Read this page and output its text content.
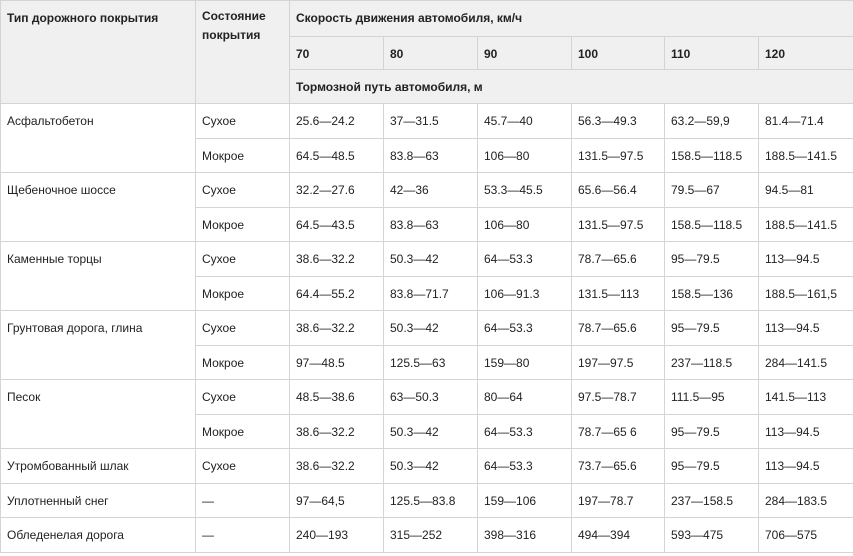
Тип дорожного покрытия	Состояние покрытия	Скорость движения автомобиля, км/ч					
		70	80	90	100	110	120
		Тормозной путь автомобиля, м					
Асфальтобетон	Сухое	25.6—24.2	37—31.5	45.7—40	56.3—49.3	63.2—59,9	81.4—71.4
	Мокрое	64.5—48.5	83.8—63	106—80	131.5—97.5	158.5—118.5	188.5—141.5
Щебеночное шоссе	Сухое	32.2—27.6	42—36	53.3—45.5	65.6—56.4	79.5—67	94.5—81
	Мокрое	64.5—43.5	83.8—63	106—80	131.5—97.5	158.5—118.5	188.5—141.5
Каменные торцы	Сухое	38.6—32.2	50.3—42	64—53.3	78.7—65.6	95—79.5	113—94.5
	Мокрое	64.4—55.2	83.8—71.7	106—91.3	131.5—113	158.5—136	188.5—161,5
Грунтовая дорога, глина	Сухое	38.6—32.2	50.3—42	64—53.3	78.7—65.6	95—79.5	113—94.5
	Мокрое	97—48.5	125.5—63	159—80	197—97.5	237—118.5	284—141.5
Песок	Сухое	48.5—38.6	63—50.3	80—64	97.5—78.7	111.5—95	141.5—113
	Мокрое	38.6—32.2	50.3—42	64—53.3	78.7—65 6	95—79.5	113—94.5
Утромбованный шлак	Сухое	38.6—32.2	50.3—42	64—53.3	73.7—65.6	95—79.5	113—94.5
Уплотненный снег	—	97—64,5	125.5—83.8	159—106	197—78.7	237—158.5	284—183.5
Обледенелая дорога	—	240—193	315—252	398—316	494—394	593—475	706—575
